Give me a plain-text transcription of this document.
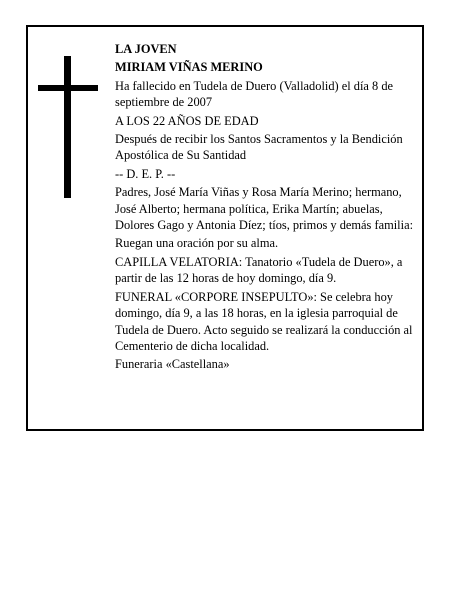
LA JOVEN

MIRIAM VIÑAS MERINO

Ha fallecido en Tudela de Duero (Valladolid) el día 8 de septiembre de 2007

A LOS 22 AÑOS DE EDAD

Después de recibir los Santos Sacramentos y la Bendición Apostólica de Su Santidad

-- D. E. P. --

Padres, José María Viñas y Rosa María Merino; hermano, José Alberto; hermana política, Erika Martín; abuelas, Dolores Gago y Antonia Díez; tíos, primos y demás familia:

Ruegan una oración por su alma.

CAPILLA VELATORIA: Tanatorio «Tudela de Duero», a partir de las 12 horas de hoy domingo, día 9.

FUNERAL «CORPORE INSEPULTO»: Se celebra hoy domingo, día 9, a las 18 horas, en la iglesia parroquial de Tudela de Duero. Acto seguido se realizará la conducción al Cementerio de dicha localidad.

Funeraria «Castellana»
